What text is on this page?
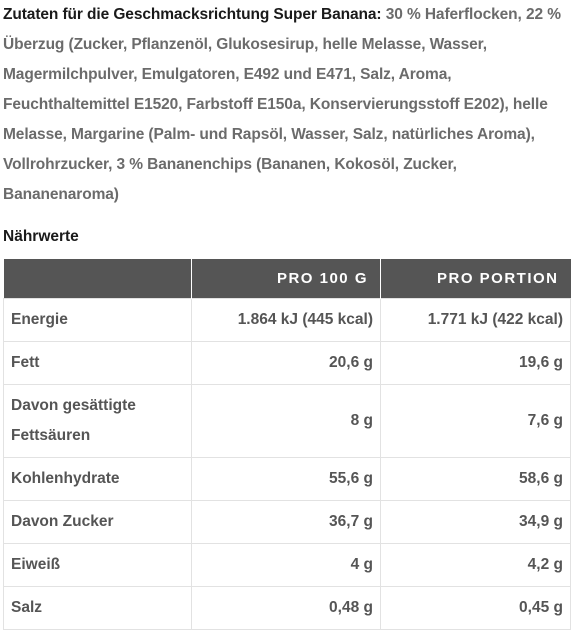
Zutaten für die Geschmacksrichtung Super Banana: 30 % Haferflocken, 22 % Überzug (Zucker, Pflanzenöl, Glukosesirup, helle Melasse, Wasser, Magermilchpulver, Emulgatoren, E492 und E471, Salz, Aroma, Feuchthaltemittel E1520, Farbstoff E150a, Konservierungsstoff E202), helle Melasse, Margarine (Palm- und Rapsöl, Wasser, Salz, natürliches Aroma), Vollrohrzucker, 3 % Bananenchips (Bananen, Kokosöl, Zucker, Bananenaroma)
Nährwerte
	PRO 100 G	PRO PORTION
Energie	1.864 kJ (445 kcal)	1.771 kJ (422 kcal)
Fett	20,6 g	19,6 g
Davon gesättigte Fettsäuren	8 g	7,6 g
Kohlenhydrate	55,6 g	58,6 g
Davon Zucker	36,7 g	34,9 g
Eiweiß	4 g	4,2 g
Salz	0,48 g	0,45 g
